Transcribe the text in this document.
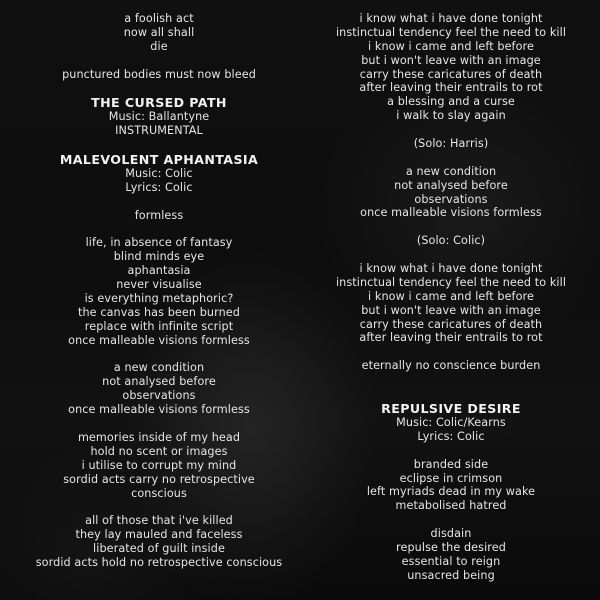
a foolish act
now all shall
die
punctured bodies must now bleed
THE CURSED PATH
Music: Ballantyne
INSTRUMENTAL
MALEVOLENT APHANTASIA
Music: Colic
Lyrics: Colic
formless
life, in absence of fantasy
blind minds eye
aphantasia
never visualise
is everything metaphoric?
the canvas has been burned
replace with infinite script
once malleable visions formless
a new condition
not analysed before
observations
once malleable visions formless
memories inside of my head
hold no scent or images
i utilise to corrupt my mind
sordid acts carry no retrospective
conscious
all of those that i've killed
they lay mauled and faceless
liberated of guilt inside
sordid acts hold no retrospective conscious
i know what i have done tonight
instinctual tendency feel the need to kill
i know i came and left before
but i won't leave with an image
carry these caricatures of death
after leaving their entrails to rot
a blessing and a curse
i walk to slay again
(Solo: Harris)
a new condition
not analysed before
observations
once malleable visions formless
(Solo: Colic)
i know what i have done tonight
instinctual tendency feel the need to kill
i know i came and left before
but i won't leave with an image
carry these caricatures of death
after leaving their entrails to rot
eternally no conscience burden
REPULSIVE DESIRE
Music: Colic/Kearns
Lyrics: Colic
branded side
eclipse in crimson
left myriads dead in my wake
metabolised hatred
disdain
repulse the desired
essential to reign
unsacred being
